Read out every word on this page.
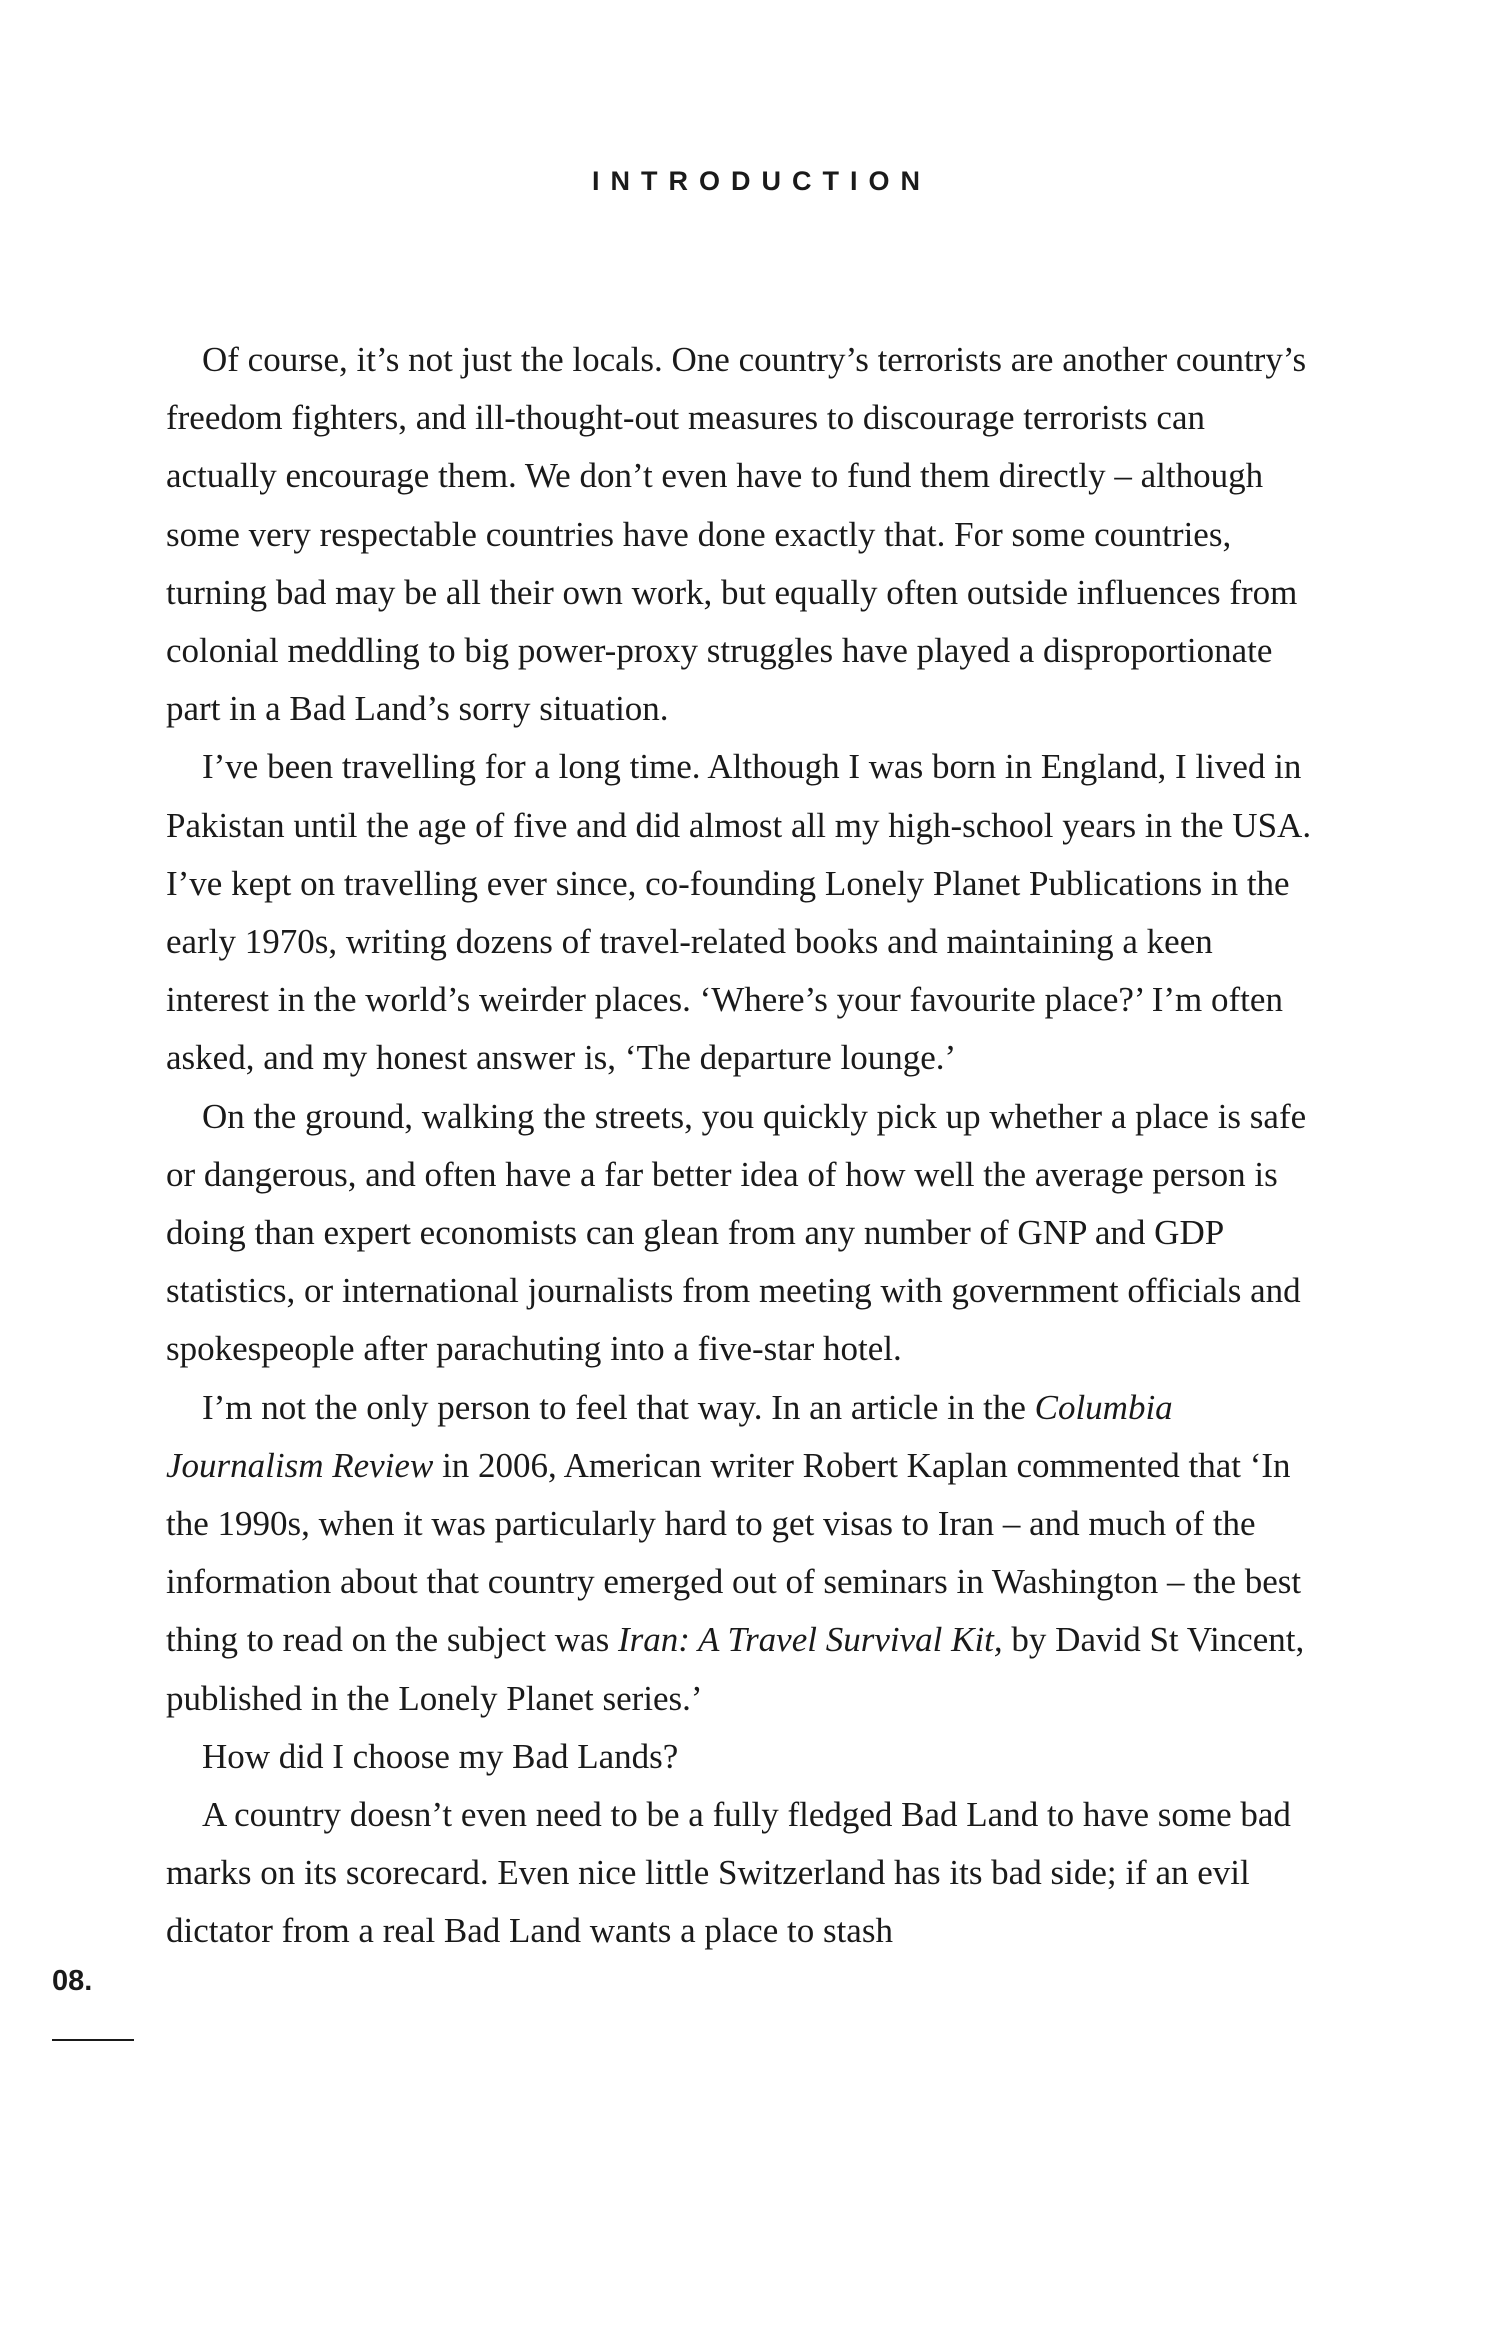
INTRODUCTION

Of course, it’s not just the locals. One country’s terrorists are another country’s freedom fighters, and ill-thought-out measures to discourage terrorists can actually encourage them. We don’t even have to fund them directly – although some very respectable countries have done exactly that. For some countries, turning bad may be all their own work, but equally often outside influences from colonial meddling to big power-proxy struggles have played a disproportionate part in a Bad Land’s sorry situation.

I’ve been travelling for a long time. Although I was born in England, I lived in Pakistan until the age of five and did almost all my high-school years in the USA. I’ve kept on travelling ever since, co-founding Lonely Planet Publications in the early 1970s, writing dozens of travel-related books and maintaining a keen interest in the world’s weirder places. ‘Where’s your favourite place?’ I’m often asked, and my honest answer is, ‘The departure lounge.’

On the ground, walking the streets, you quickly pick up whether a place is safe or dangerous, and often have a far better idea of how well the average person is doing than expert economists can glean from any number of GNP and GDP statistics, or international journalists from meeting with government officials and spokespeople after parachuting into a five-star hotel.

I’m not the only person to feel that way. In an article in the Columbia Journalism Review in 2006, American writer Robert Kaplan commented that ‘In the 1990s, when it was particularly hard to get visas to Iran – and much of the information about that country emerged out of seminars in Washington – the best thing to read on the subject was Iran: A Travel Survival Kit, by David St Vincent, published in the Lonely Planet series.’

How did I choose my Bad Lands?

A country doesn’t even need to be a fully fledged Bad Land to have some bad marks on its scorecard. Even nice little Switzerland has its bad side; if an evil dictator from a real Bad Land wants a place to stash

08.
